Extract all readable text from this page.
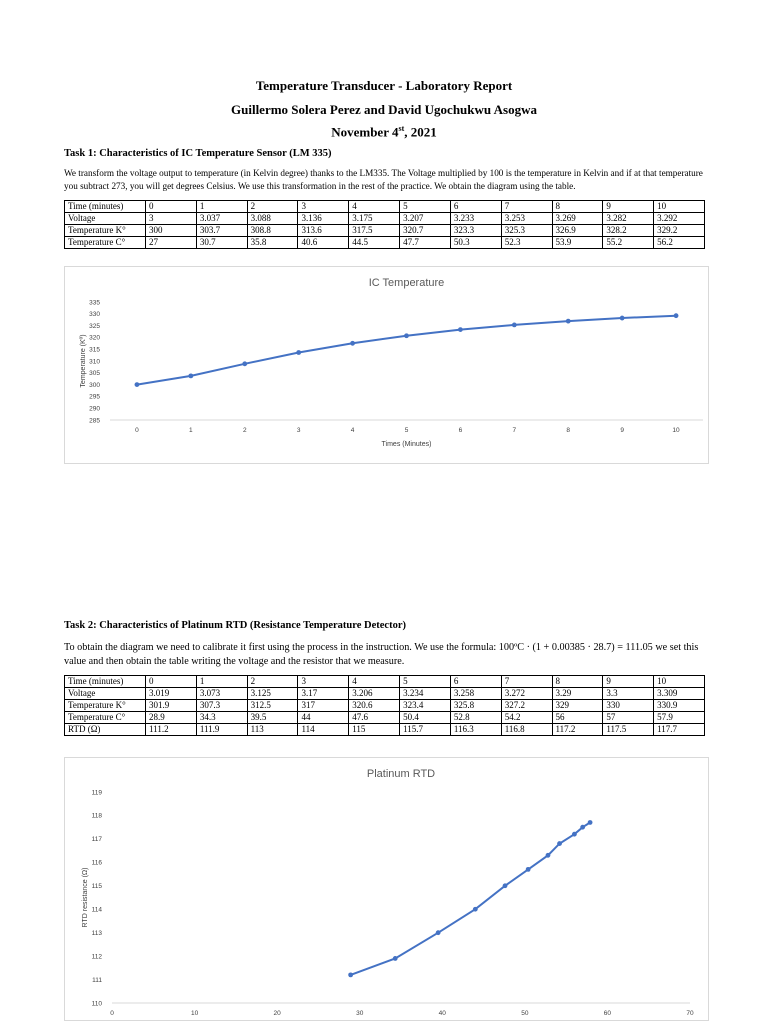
Temperature Transducer - Laboratory Report
Guillermo Solera Perez and David Ugochukwu Asogwa
November 4st, 2021
Task 1: Characteristics of IC Temperature Sensor (LM 335)
We transform the voltage output to temperature (in Kelvin degree) thanks to the LM335. The Voltage multiplied by 100 is the temperature in Kelvin and if at that temperature you subtract 273, you will get degrees Celsius. We use this transformation in the rest of the practice. We obtain the diagram using the table.
Time (minutes)	0	1	2	3	4	5	6	7	8	9	10
Voltage	3	3.037	3.088	3.136	3.175	3.207	3.233	3.253	3.269	3.282	3.292
Temperature K°	300	303.7	308.8	313.6	317.5	320.7	323.3	325.3	326.9	328.2	329.2
Temperature C°	27	30.7	35.8	40.6	44.5	47.7	50.3	52.3	53.9	55.2	56.2
IC Temperature
285
290
295
300
305
310
315
320
325
330
335
0	1	2	3	4	5	6	7	8	9	10
Times (Minutes)
Temperature (Kº)
Task 2: Characteristics of Platinum RTD (Resistance Temperature Detector)
To obtain the diagram we need to calibrate it first using the process in the instruction. We use the formula: 100ºC · (1 + 0.00385 · 28.7) = 111.05 we set this value and then obtain the table writing the voltage and the resistor that we measure.
Time (minutes)	0	1	2	3	4	5	6	7	8	9	10
Voltage	3.019	3.073	3.125	3.17	3.206	3.234	3.258	3.272	3.29	3.3	3.309
Temperature K°	301.9	307.3	312.5	317	320.6	323.4	325.8	327.2	329	330	330.9
Temperature C°	28.9	34.3	39.5	44	47.6	50.4	52.8	54.2	56	57	57.9
RTD (Ω)	111.2	111.9	113	114	115	115.7	116.3	116.8	117.2	117.5	117.7
Platinum RTD
110
111
112
113
114
115
116
117
118
119
0	10	20	30	40	50	60	70
RTD resistance (Ω)
